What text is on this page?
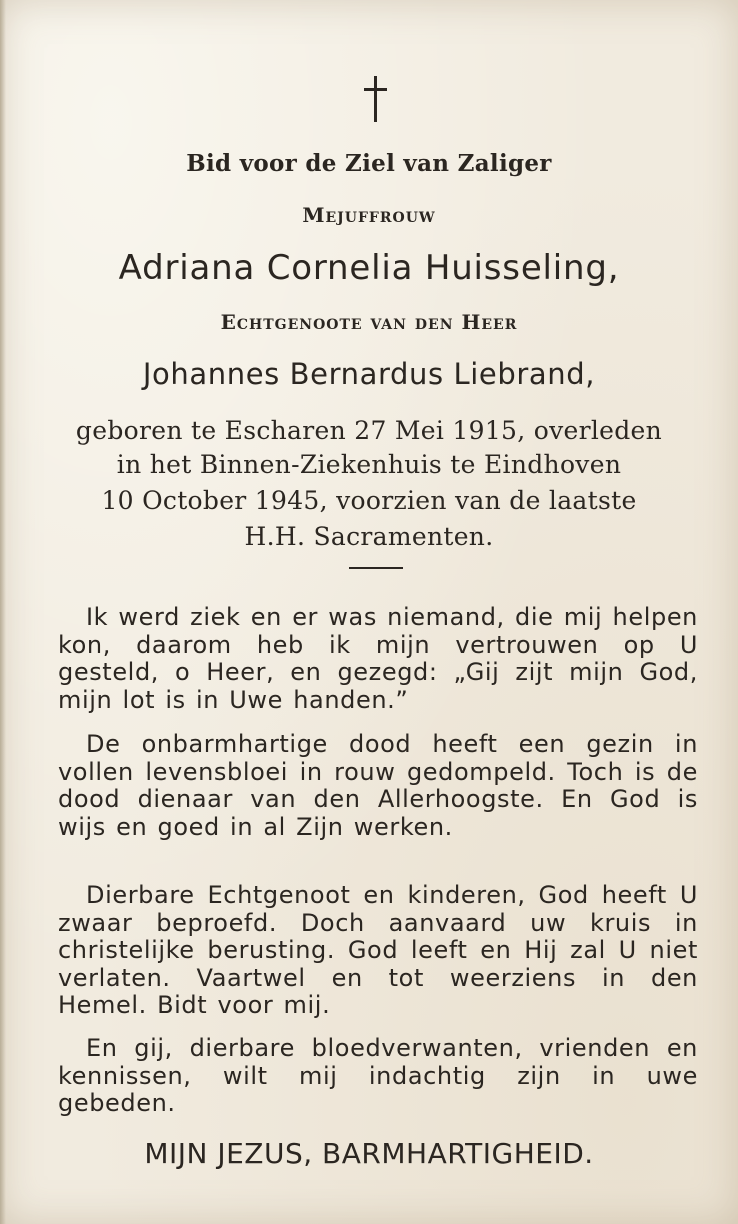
Bid voor de Ziel van Zaliger
Mejuffrouw
Adriana Cornelia Huisseling,
Echtgenoote van den Heer
Johannes Bernardus Liebrand,
geboren te Escharen 27 Mei 1915, overleden
in het Binnen-Ziekenhuis te Eindhoven
10 October 1945, voorzien van de laatste
H.H. Sacramenten.

Ik werd ziek en er was niemand, die mij helpen kon, daarom heb ik mijn vertrouwen op U gesteld, o Heer, en gezegd: „Gij zijt mijn God, mijn lot is in Uwe handen.”

De onbarmhartige dood heeft een gezin in vollen levensbloei in rouw gedompeld. Toch is de dood dienaar van den Allerhoogste. En God is wijs en goed in al Zijn werken.

Dierbare Echtgenoot en kinderen, God heeft U zwaar beproefd. Doch aanvaard uw kruis in christelijke berusting. God leeft en Hij zal U niet verlaten. Vaartwel en tot weerziens in den Hemel. Bidt voor mij.

En gij, dierbare bloedverwanten, vrienden en kennissen, wilt mij indachtig zijn in uwe gebeden.

MIJN JEZUS, BARMHARTIGHEID.
